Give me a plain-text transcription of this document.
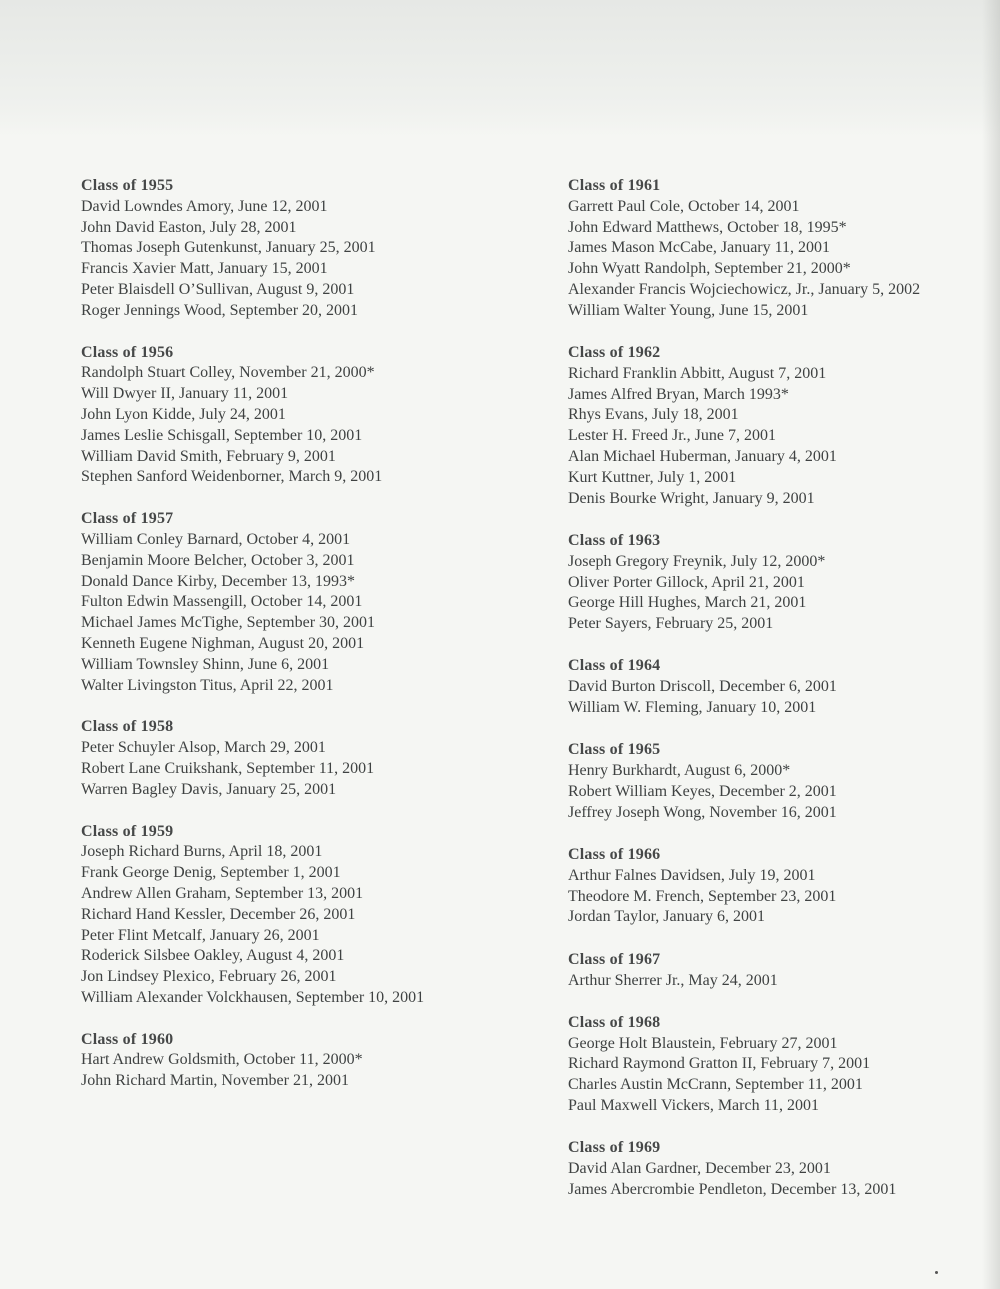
Class of 1955
David Lowndes Amory, June 12, 2001
John David Easton, July 28, 2001
Thomas Joseph Gutenkunst, January 25, 2001
Francis Xavier Matt, January 15, 2001
Peter Blaisdell O’Sullivan, August 9, 2001
Roger Jennings Wood, September 20, 2001
Class of 1956
Randolph Stuart Colley, November 21, 2000*
Will Dwyer II, January 11, 2001
John Lyon Kidde, July 24, 2001
James Leslie Schisgall, September 10, 2001
William David Smith, February 9, 2001
Stephen Sanford Weidenborner, March 9, 2001
Class of 1957
William Conley Barnard, October 4, 2001
Benjamin Moore Belcher, October 3, 2001
Donald Dance Kirby, December 13, 1993*
Fulton Edwin Massengill, October 14, 2001
Michael James McTighe, September 30, 2001
Kenneth Eugene Nighman, August 20, 2001
William Townsley Shinn, June 6, 2001
Walter Livingston Titus, April 22, 2001
Class of 1958
Peter Schuyler Alsop, March 29, 2001
Robert Lane Cruikshank, September 11, 2001
Warren Bagley Davis, January 25, 2001
Class of 1959
Joseph Richard Burns, April 18, 2001
Frank George Denig, September 1, 2001
Andrew Allen Graham, September 13, 2001
Richard Hand Kessler, December 26, 2001
Peter Flint Metcalf, January 26, 2001
Roderick Silsbee Oakley, August 4, 2001
Jon Lindsey Plexico, February 26, 2001
William Alexander Volckhausen, September 10, 2001
Class of 1960
Hart Andrew Goldsmith, October 11, 2000*
John Richard Martin, November 21, 2001
Class of 1961
Garrett Paul Cole, October 14, 2001
John Edward Matthews, October 18, 1995*
James Mason McCabe, January 11, 2001
John Wyatt Randolph, September 21, 2000*
Alexander Francis Wojciechowicz, Jr., January 5, 2002
William Walter Young, June 15, 2001
Class of 1962
Richard Franklin Abbitt, August 7, 2001
James Alfred Bryan, March 1993*
Rhys Evans, July 18, 2001
Lester H. Freed Jr., June 7, 2001
Alan Michael Huberman, January 4, 2001
Kurt Kuttner, July 1, 2001
Denis Bourke Wright, January 9, 2001
Class of 1963
Joseph Gregory Freynik, July 12, 2000*
Oliver Porter Gillock, April 21, 2001
George Hill Hughes, March 21, 2001
Peter Sayers, February 25, 2001
Class of 1964
David Burton Driscoll, December 6, 2001
William W. Fleming, January 10, 2001
Class of 1965
Henry Burkhardt, August 6, 2000*
Robert William Keyes, December 2, 2001
Jeffrey Joseph Wong, November 16, 2001
Class of 1966
Arthur Falnes Davidsen, July 19, 2001
Theodore M. French, September 23, 2001
Jordan Taylor, January 6, 2001
Class of 1967
Arthur Sherrer Jr., May 24, 2001
Class of 1968
George Holt Blaustein, February 27, 2001
Richard Raymond Gratton II, February 7, 2001
Charles Austin McCrann, September 11, 2001
Paul Maxwell Vickers, March 11, 2001
Class of 1969
David Alan Gardner, December 23, 2001
James Abercrombie Pendleton, December 13, 2001
